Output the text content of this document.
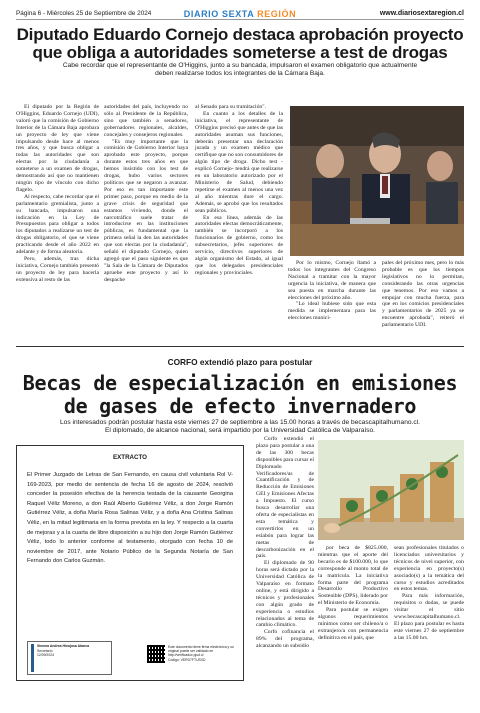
Página 6 - Miércoles 25 de Septiembre de 2024	DIARIO SEXTA REGIÓN	www.diariosextaregion.cl
Diputado Eduardo Cornejo destaca aprobación proyecto que obliga a autoridades someterse a test de drogas
Cabe recordar que el representante de O'Higgins, junto a su bancada, impulsaron el examen obligatorio que actualmente deben realizarse todos los integrantes de la Cámara Baja.

El diputado por la Región de O'Higgins, Eduardo Cornejo (UDI), valoró que la comisión de Gobierno Interior de la Cámara Baja aprobara un proyecto de ley que viene impulsando desde hace al menos tres años, y que busca obligar a todas las autoridades que son electas por la ciudadanía a someterse a un examen de drogas, demostrando así que no mantienen ningún tipo de vínculo con dicho flagelo.

Al respecto, cabe recordar que el parlamentario gremialista, junto a su bancada, impulsaron una indicación en la Ley de Presupuestos para obligar a todos los diputados a realizarse un test de drogas obligatorio, el que se viene practicando desde el año 2022 en adelante y de forma aleatoria.

Pero, además, tras dicha iniciativa, Cornejo también presentó un proyecto de ley para hacerla extensiva al resto de las

autoridades del país, incluyendo no sólo al Presidente de la República, sino que también a senadores, gobernadores regionales, alcaldes, concejales y consejeros regionales.

"Es muy importante que la comisión de Gobierno Interior haya aprobado este proyecto, porque durante estos tres años en que hemos insistido con los test de drogas, hubo varios sectores políticos que se negaron a avanzar. Por eso es tan importante este primer paso, porque en medio de la grave crisis de seguridad que estamos viviendo, donde el narcotráfico suele tratar de introducirse en las instituciones públicas, es fundamental que la primera señal la den las autoridades que son electas por la ciudadanía", señaló el diputado Cornejo, quien agregó que el paso siguiente es que "la Sala de la Cámara de Diputados apruebe este proyecto y así lo despache

al Senado para su tramitación".

En cuanto a los detalles de la iniciativa, el representante de O'Higgins precisó que antes de que las autoridades asuman sus funciones, deberán presentar una declaración jurada y un examen médico que certifique que no son consumidores de algún tipo de droga. Dicho test -explicó Cornejo- tendrá que realizarse en un laboratorio autorizado por el Ministerio de Salud, debiendo repetirse el examen al menos una vez al año mientras dure el cargo. Además, se aprobó que los resultados sean públicos.

En esa línea, además de las autoridades electas democráticamente, también se incorporó a los funcionarios de gobierno, como los subsecretarios, jefes superiores de servicio, directivos superiores de algún organismo del Estado, al igual que los delegados presidenciales regionales y provinciales.

Por lo mismo, Cornejo llamó a todos los integrantes del Congreso Nacional a tramitar con la mayor urgencia la iniciativa, de manera que sea puesta en marcha durante las elecciones del próximo año.

"Lo ideal hubiese sido que esta medida se implementara para las elecciones munici-

pales del próximo mes, pero lo más probable es que los tiempos legislativos no lo permitan, considerando las otras urgencias que tenemos. Por eso vamos a empujar con mucha fuerza, para que en los comicios presidenciales y parlamentarios de 2025 ya se encuentre aprobada", reiteró el parlamentario UDI.

CORFO extendió plazo para postular
Becas de especialización en emisiones de gases de efecto invernadero
Los interesados podrán postular hasta este viernes 27 de septiembre a las 15.00 horas a través de becascapitalhumano.cl. El diplomado, de alcance nacional, será impartido por la Universidad Católica de Valparaíso.
EXTRACTO
El Primer Juzgado de Letras de San Fernando, en causa civil voluntaria Rol V-169-2023, por medio de sentencia de fecha 16 de agosto de 2024, resolvió conceder la posesión efectiva de la herencia testada de la causante Georgina Raquel Véliz Moreno, a don Raúl Alberto Gutiérrez Véliz, a don Jorge Ramón Gutiérrez Véliz, a doña María Rosa Salinas Véliz, y a doña Ana Cristina Salinas Véliz, en la mitad legitimaria en la forma prevista en la ley. Y respecto a la cuarta de mejoras y a la cuarta de libre disposición a su hijo don Jorge Ramón Gutiérrez Véliz, todo lo anterior conforme al testamento, otorgado con fecha 10 de noviembre de 2017, ante Notario Público de la Segunda Notaría de San Fernando don Carlos Guzmán.
Ximena Andrea Hinojosa Abarca
Secretario
12/09/2024
Este documento tiene firma electrónica y su original puede ser validado en http://verificadoc.pjud.cl
Código: VERD7FTUSXD

Corfo extendió el plazo para postular a una de las 300 becas disponibles para cursar el Diplomado Verificadores/as de Cuantificación y de Reducción de Emisiones GEI y Emisiones Afectas a Impuesto. El curso busca desarrollar una oferta de especialistas en esta temática y convertirlos en un eslabón para lograr las metas de descarbonización en el país.

El diplomado de 90 horas será dictado por la Universidad Católica de Valparaíso en formato online, y está dirigido a técnicos y profesionales con algún grado de experiencia o estudios relacionados al tema de cambio climático.

Corfo cofinancia el 89% del programa, alcanzando un subsidio

por beca de $825.000, mientras que el aporte del becario es de $100.000, lo que corresponde al monto total de la matrícula. La iniciativa forma parte del programa Desarrollo Productivo Sostenible (DPS), liderado por el Ministerio de Economía.

Para postular se exigen algunos requerimientos mínimos como ser chileno/a o extranjero/a con permanencia definitiva en el país, que

sean profesionales titulados o licenciados universitarios y técnicos de nivel superior, con experiencia en proyecto(s) asociado(s) a la temática del curso y estudios acreditados en estos temas.

Para más información, requisitos o dudas, se puede visitar el sitio www.becascapitalhumano.cl. El plazo para postular es hasta este viernes 27 de septiembre a las 15.00 hrs.
